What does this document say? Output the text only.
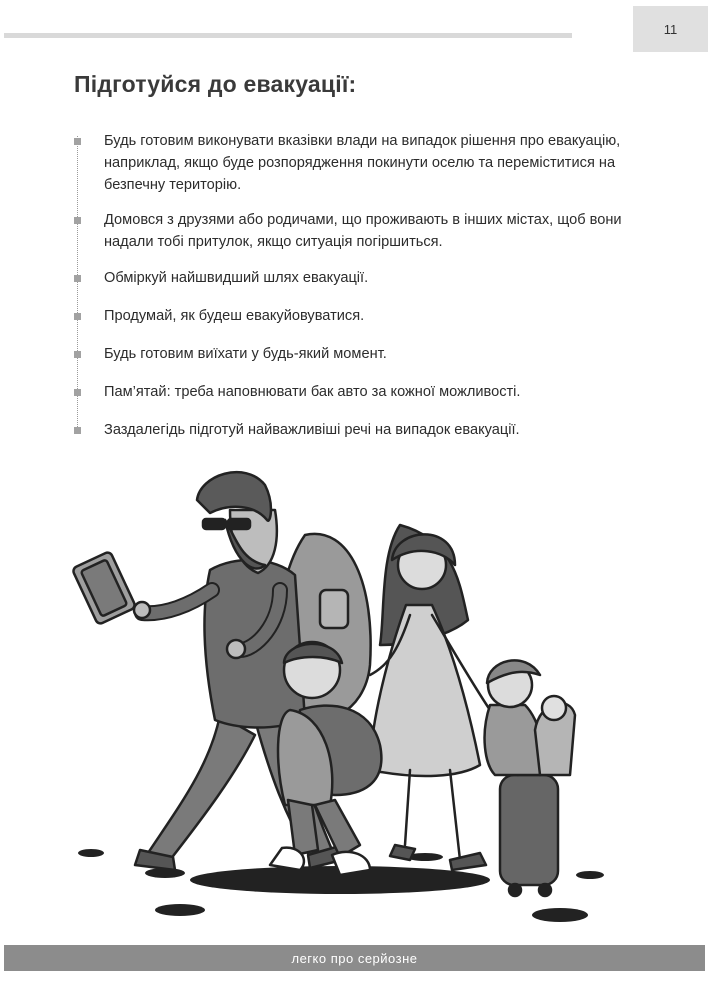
11
Підготуйся до евакуації:
Будь готовим виконувати вказівки влади на випадок рішення про евакуацію, наприклад, якщо буде розпорядження покинути оселю та переміститися на безпечну територію.
Домовся з друзями або родичами, що проживають в інших містах, щоб вони надали тобі притулок, якщо ситуація погіршиться.
Обміркуй найшвидший шлях евакуації.
Продумай, як будеш евакуйовуватися.
Будь готовим виїхати у будь-який момент.
Пам’ятай: треба наповнювати бак авто за кожної можливості.
Заздалегідь підготуй найважливіші речі на випадок евакуації.
легко про серйозне
